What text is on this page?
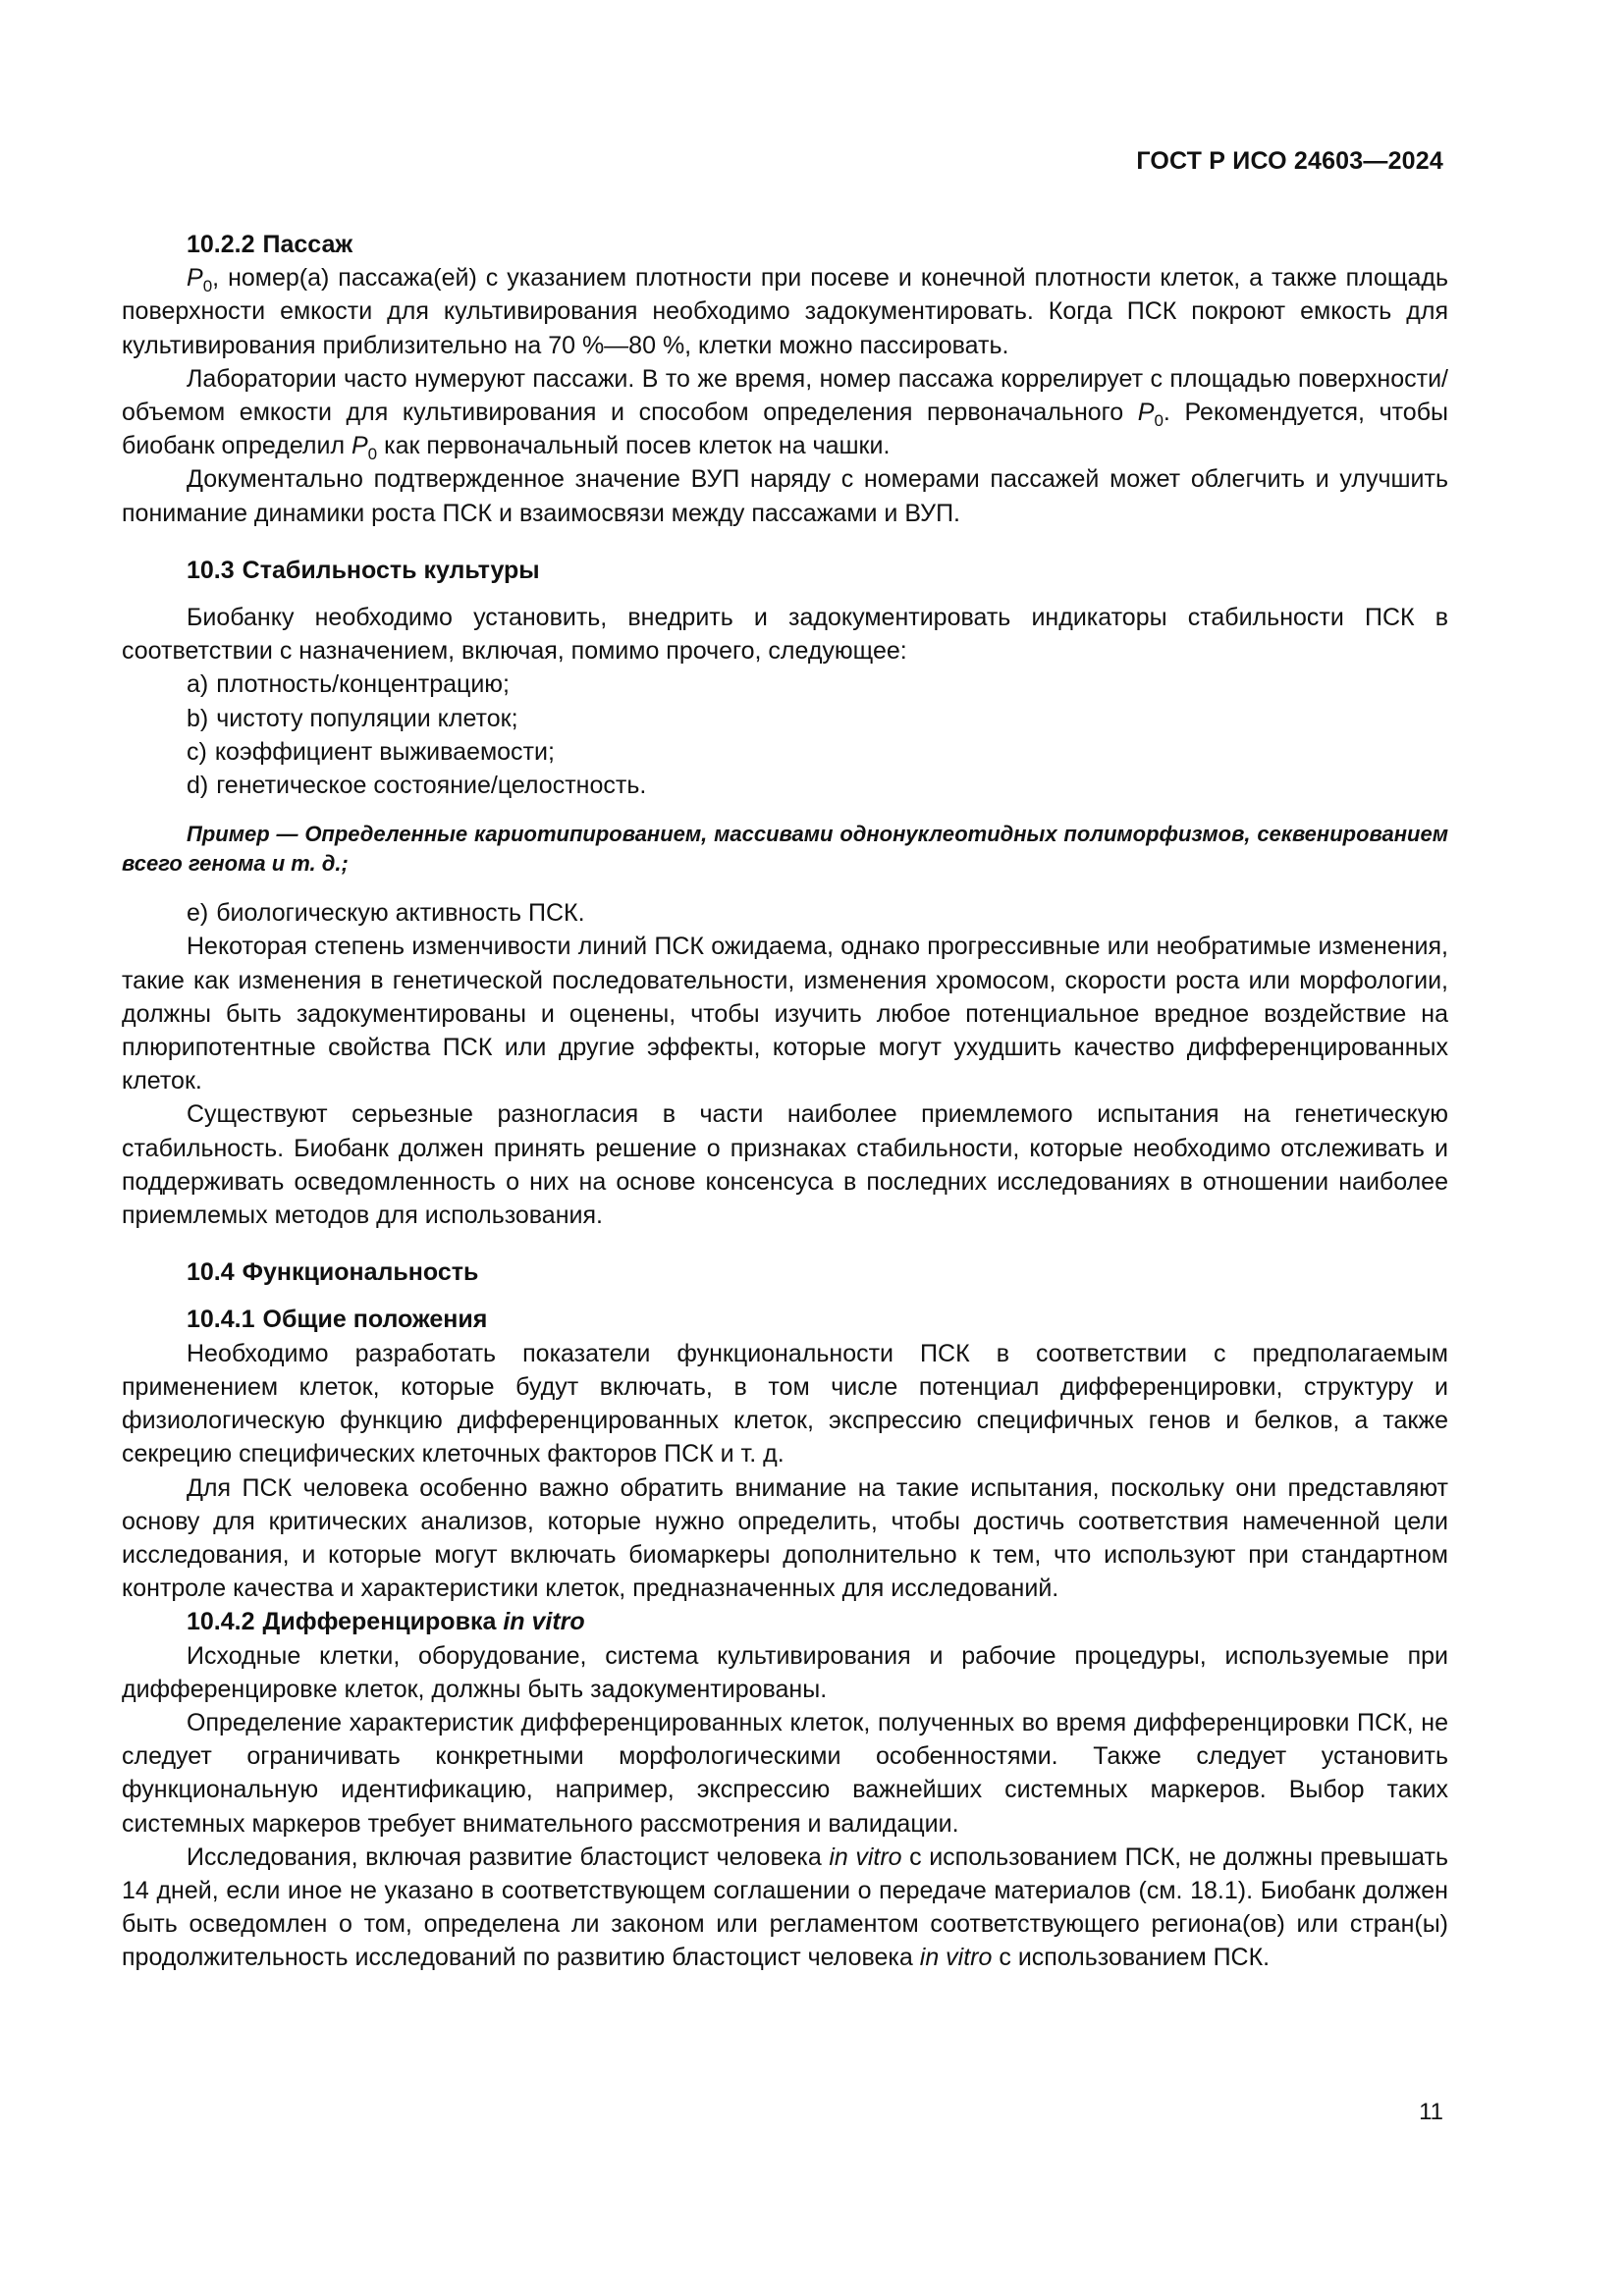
ГОСТ Р ИСО 24603—2024
10.2.2 Пассаж

$P_0$, номер(а) пассажа(ей) с указанием плотности при посеве и конечной плотности клеток, а также площадь поверхности емкости для культивирования необходимо задокументировать. Когда ПСК покроют емкость для культивирования приблизительно на 70 %—80 %, клетки можно пассировать.

Лаборатории часто нумеруют пассажи. В то же время, номер пассажа коррелирует с площадью поверхности/объемом емкости для культивирования и способом определения первоначального $P_0$. Рекомендуется, чтобы биобанк определил $P_0$ как первоначальный посев клеток на чашки.

Документально подтвержденное значение ВУП наряду с номерами пассажей может облегчить и улучшить понимание динамики роста ПСК и взаимосвязи между пассажами и ВУП.

10.3 Стабильность культуры

Биобанку необходимо установить, внедрить и задокументировать индикаторы стабильности ПСК в соответствии с назначением, включая, помимо прочего, следующее:

a) плотность/концентрацию;
b) чистоту популяции клеток;
c) коэффициент выживаемости;
d) генетическое состояние/целостность.
Пример — Определенные кариотипированием, массивами однонуклеотидных полиморфизмов, секвенированием всего генома и т. д.;
e) биологическую активность ПСК.

Некоторая степень изменчивости линий ПСК ожидаема, однако прогрессивные или необратимые изменения, такие как изменения в генетической последовательности, изменения хромосом, скорости роста или морфологии, должны быть задокументированы и оценены, чтобы изучить любое потенциальное вредное воздействие на плюрипотентные свойства ПСК или другие эффекты, которые могут ухудшить качество дифференцированных клеток.

Существуют серьезные разногласия в части наиболее приемлемого испытания на генетическую стабильность. Биобанк должен принять решение о признаках стабильности, которые необходимо отслеживать и поддерживать осведомленность о них на основе консенсуса в последних исследованиях в отношении наиболее приемлемых методов для использования.

10.4 Функциональность
10.4.1 Общие положения

Необходимо разработать показатели функциональности ПСК в соответствии с предполагаемым применением клеток, которые будут включать, в том числе потенциал дифференцировки, структуру и физиологическую функцию дифференцированных клеток, экспрессию специфичных генов и белков, а также секрецию специфических клеточных факторов ПСК и т. д.

Для ПСК человека особенно важно обратить внимание на такие испытания, поскольку они представляют основу для критических анализов, которые нужно определить, чтобы достичь соответствия намеченной цели исследования, и которые могут включать биомаркеры дополнительно к тем, что используют при стандартном контроле качества и характеристики клеток, предназначенных для исследований.

10.4.2 Дифференцировка in vitro

Исходные клетки, оборудование, система культивирования и рабочие процедуры, используемые при дифференцировке клеток, должны быть задокументированы.

Определение характеристик дифференцированных клеток, полученных во время дифференцировки ПСК, не следует ограничивать конкретными морфологическими особенностями. Также следует установить функциональную идентификацию, например, экспрессию важнейших системных маркеров. Выбор таких системных маркеров требует внимательного рассмотрения и валидации.

Исследования, включая развитие бластоцист человека in vitro с использованием ПСК, не должны превышать 14 дней, если иное не указано в соответствующем соглашении о передаче материалов (см. 18.1). Биобанк должен быть осведомлен о том, определена ли законом или регламентом соответствующего региона(ов) или стран(ы) продолжительность исследований по развитию бластоцист человека in vitro с использованием ПСК.

11
